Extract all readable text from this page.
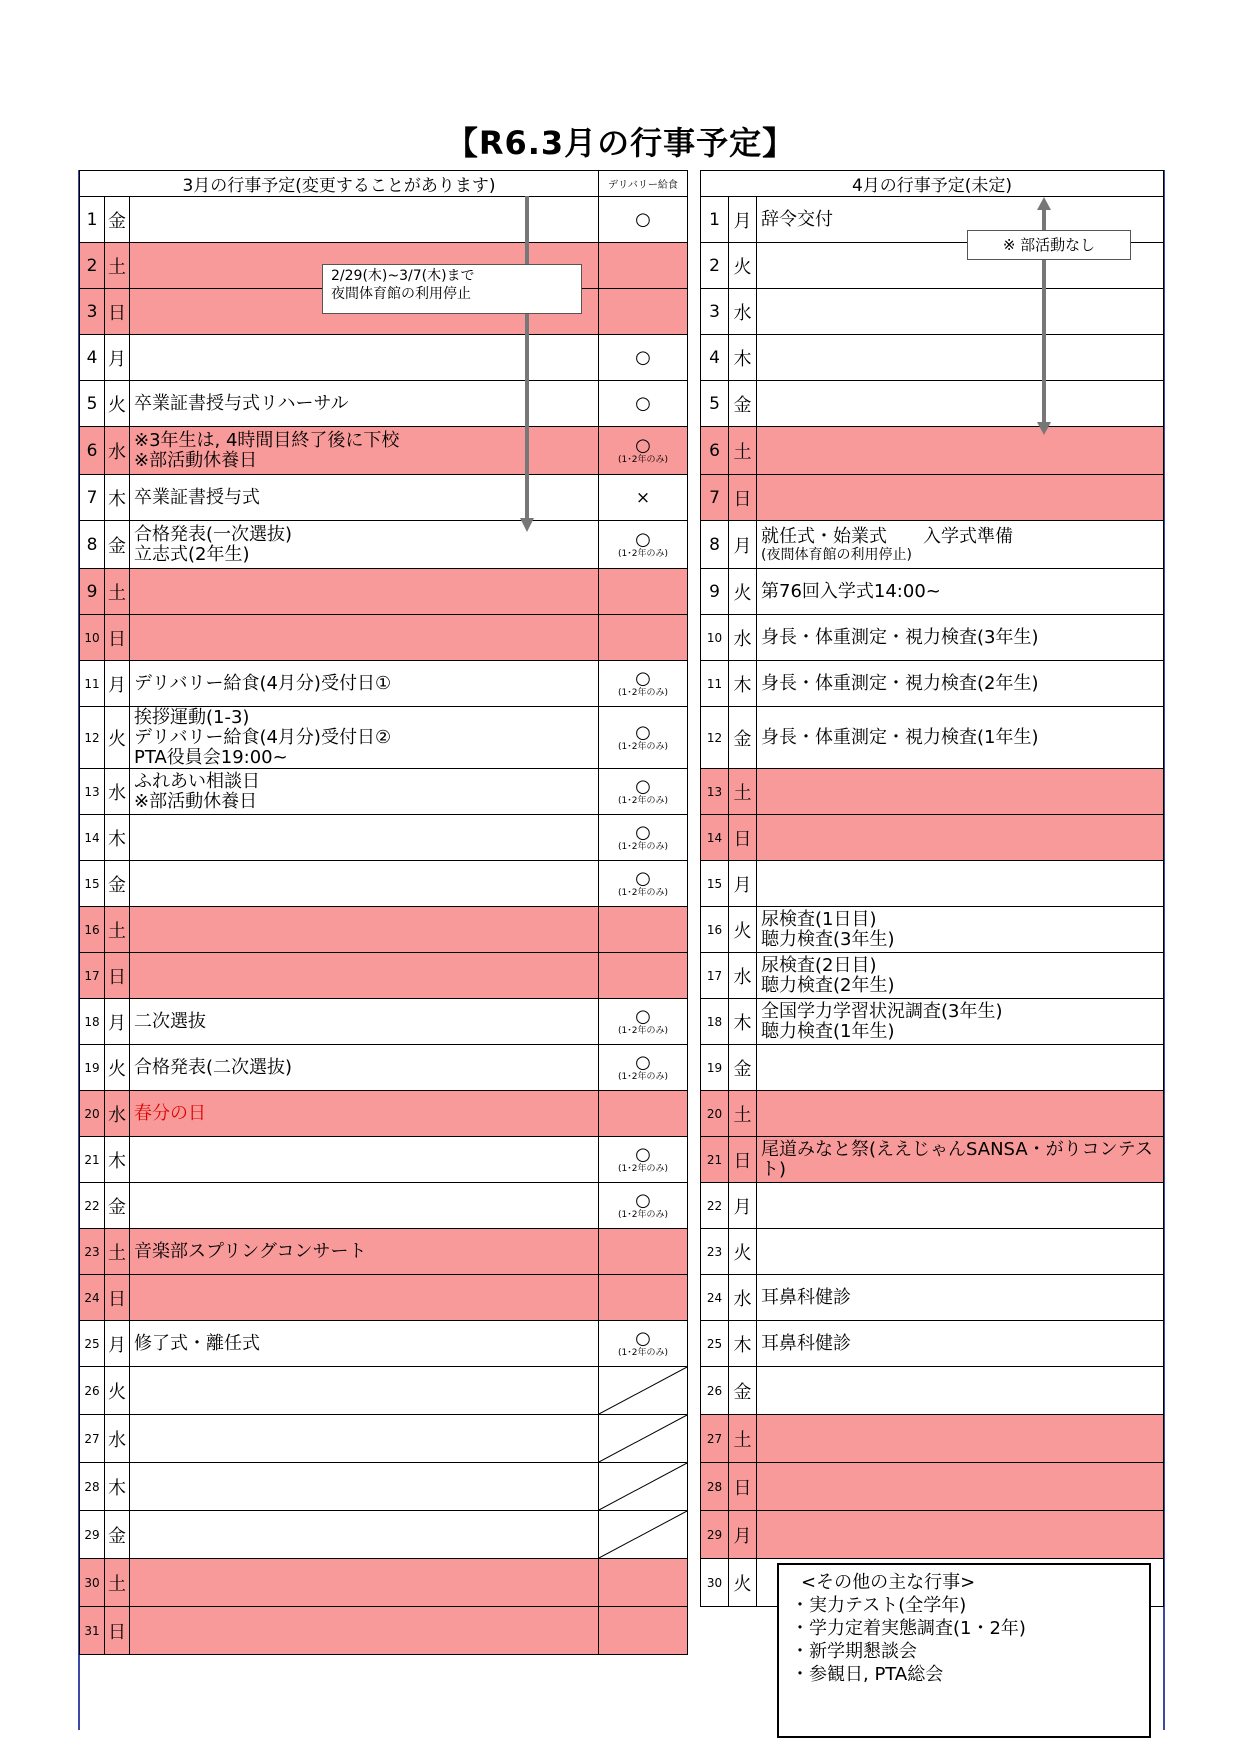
【R6.3月の行事予定】
3月の行事予定(変更することがあります)			デリバリー給食
1	金		○

2	土		
3	日		
4	月		○

5	火	卒業証書授与式リハーサル	○

6	水	※3年生は, 4時間目終了後に下校
※部活動休養日	○
(1･2年のみ)

7	木	卒業証書授与式	×

8	金	合格発表(一次選抜)
立志式(2年生)	○
(1･2年のみ)

9	土		
10	日		
11	月	デリバリー給食(4月分)受付日①	○
(1･2年のみ)

12	火	挨拶運動(1-3)
デリバリー給食(4月分)受付日②
PTA役員会19:00~	○
(1･2年のみ)

13	水	ふれあい相談日
※部活動休養日	○
(1･2年のみ)

14	木		○
(1･2年のみ)

15	金		○
(1･2年のみ)

16	土		
17	日		
18	月	二次選抜	○
(1･2年のみ)

19	火	合格発表(二次選抜)	○
(1･2年のみ)

20	水	春分の日	
21	木		○
(1･2年のみ)

22	金		○
(1･2年のみ)

23	土	音楽部スプリングコンサート	
24	日		
25	月	修了式・離任式	○
(1･2年のみ)

26	火		

27	水		

28	木		

29	金		

30	土		
31	日		
4月の行事予定(未定)		
1	月	辞令交付
2	火	
3	水	
4	木	
5	金	
6	土	
7	日	
8	月	就任式・始業式　　入学式準備
(夜間体育館の利用停止)

9	火	第76回入学式14:00~
10	水	身長・体重測定・視力検査(3年生)
11	木	身長・体重測定・視力検査(2年生)
12	金	身長・体重測定・視力検査(1年生)
13	土	
14	日	
15	月	
16	火	尿検査(1日目)
聴力検査(3年生)
17	水	尿検査(2日目)
聴力検査(2年生)
18	木	全国学力学習状況調査(3年生)
聴力検査(1年生)
19	金	
20	土	
21	日	尾道みなと祭(ええじゃんSANSA・がりコンテスト)
22	月	
23	火	
24	水	耳鼻科健診
25	木	耳鼻科健診
26	金	
27	土	
28	日	
29	月	
30	火	
2/29(木)~3/7(木)まで
夜間体育館の利用停止
※ 部活動なし
<その他の主な行事>
・実力テスト(全学年)
・学力定着実態調査(1・2年)
・新学期懇談会
・参観日, PTA総会
